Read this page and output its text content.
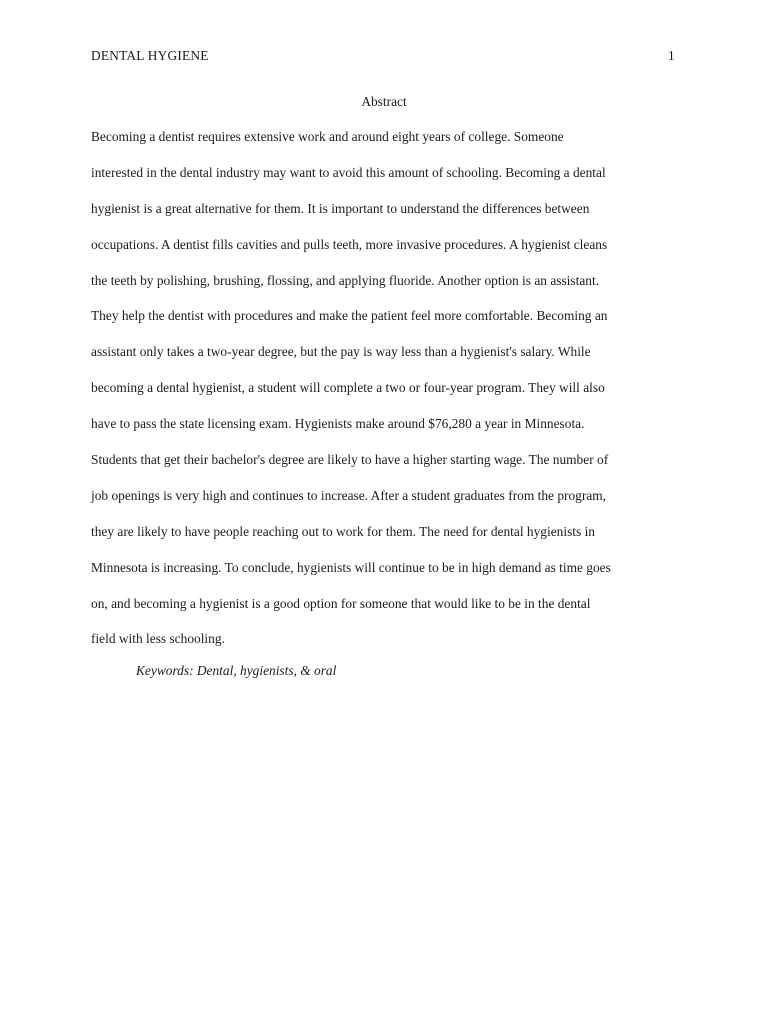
DENTAL HYGIENE	1
Abstract
Becoming a dentist requires extensive work and around eight years of college. Someone
interested in the dental industry may want to avoid this amount of schooling. Becoming a dental
hygienist is a great alternative for them. It is important to understand the differences between
occupations. A dentist fills cavities and pulls teeth, more invasive procedures. A hygienist cleans
the teeth by polishing, brushing, flossing, and applying fluoride. Another option is an assistant.
They help the dentist with procedures and make the patient feel more comfortable. Becoming an
assistant only takes a two-year degree, but the pay is way less than a hygienist's salary. While
becoming a dental hygienist, a student will complete a two or four-year program. They will also
have to pass the state licensing exam. Hygienists make around $76,280 a year in Minnesota.
Students that get their bachelor's degree are likely to have a higher starting wage. The number of
job openings is very high and continues to increase. After a student graduates from the program,
they are likely to have people reaching out to work for them. The need for dental hygienists in
Minnesota is increasing. To conclude, hygienists will continue to be in high demand as time goes
on, and becoming a hygienist is a good option for someone that would like to be in the dental
field with less schooling.
Keywords: Dental, hygienists, & oral
